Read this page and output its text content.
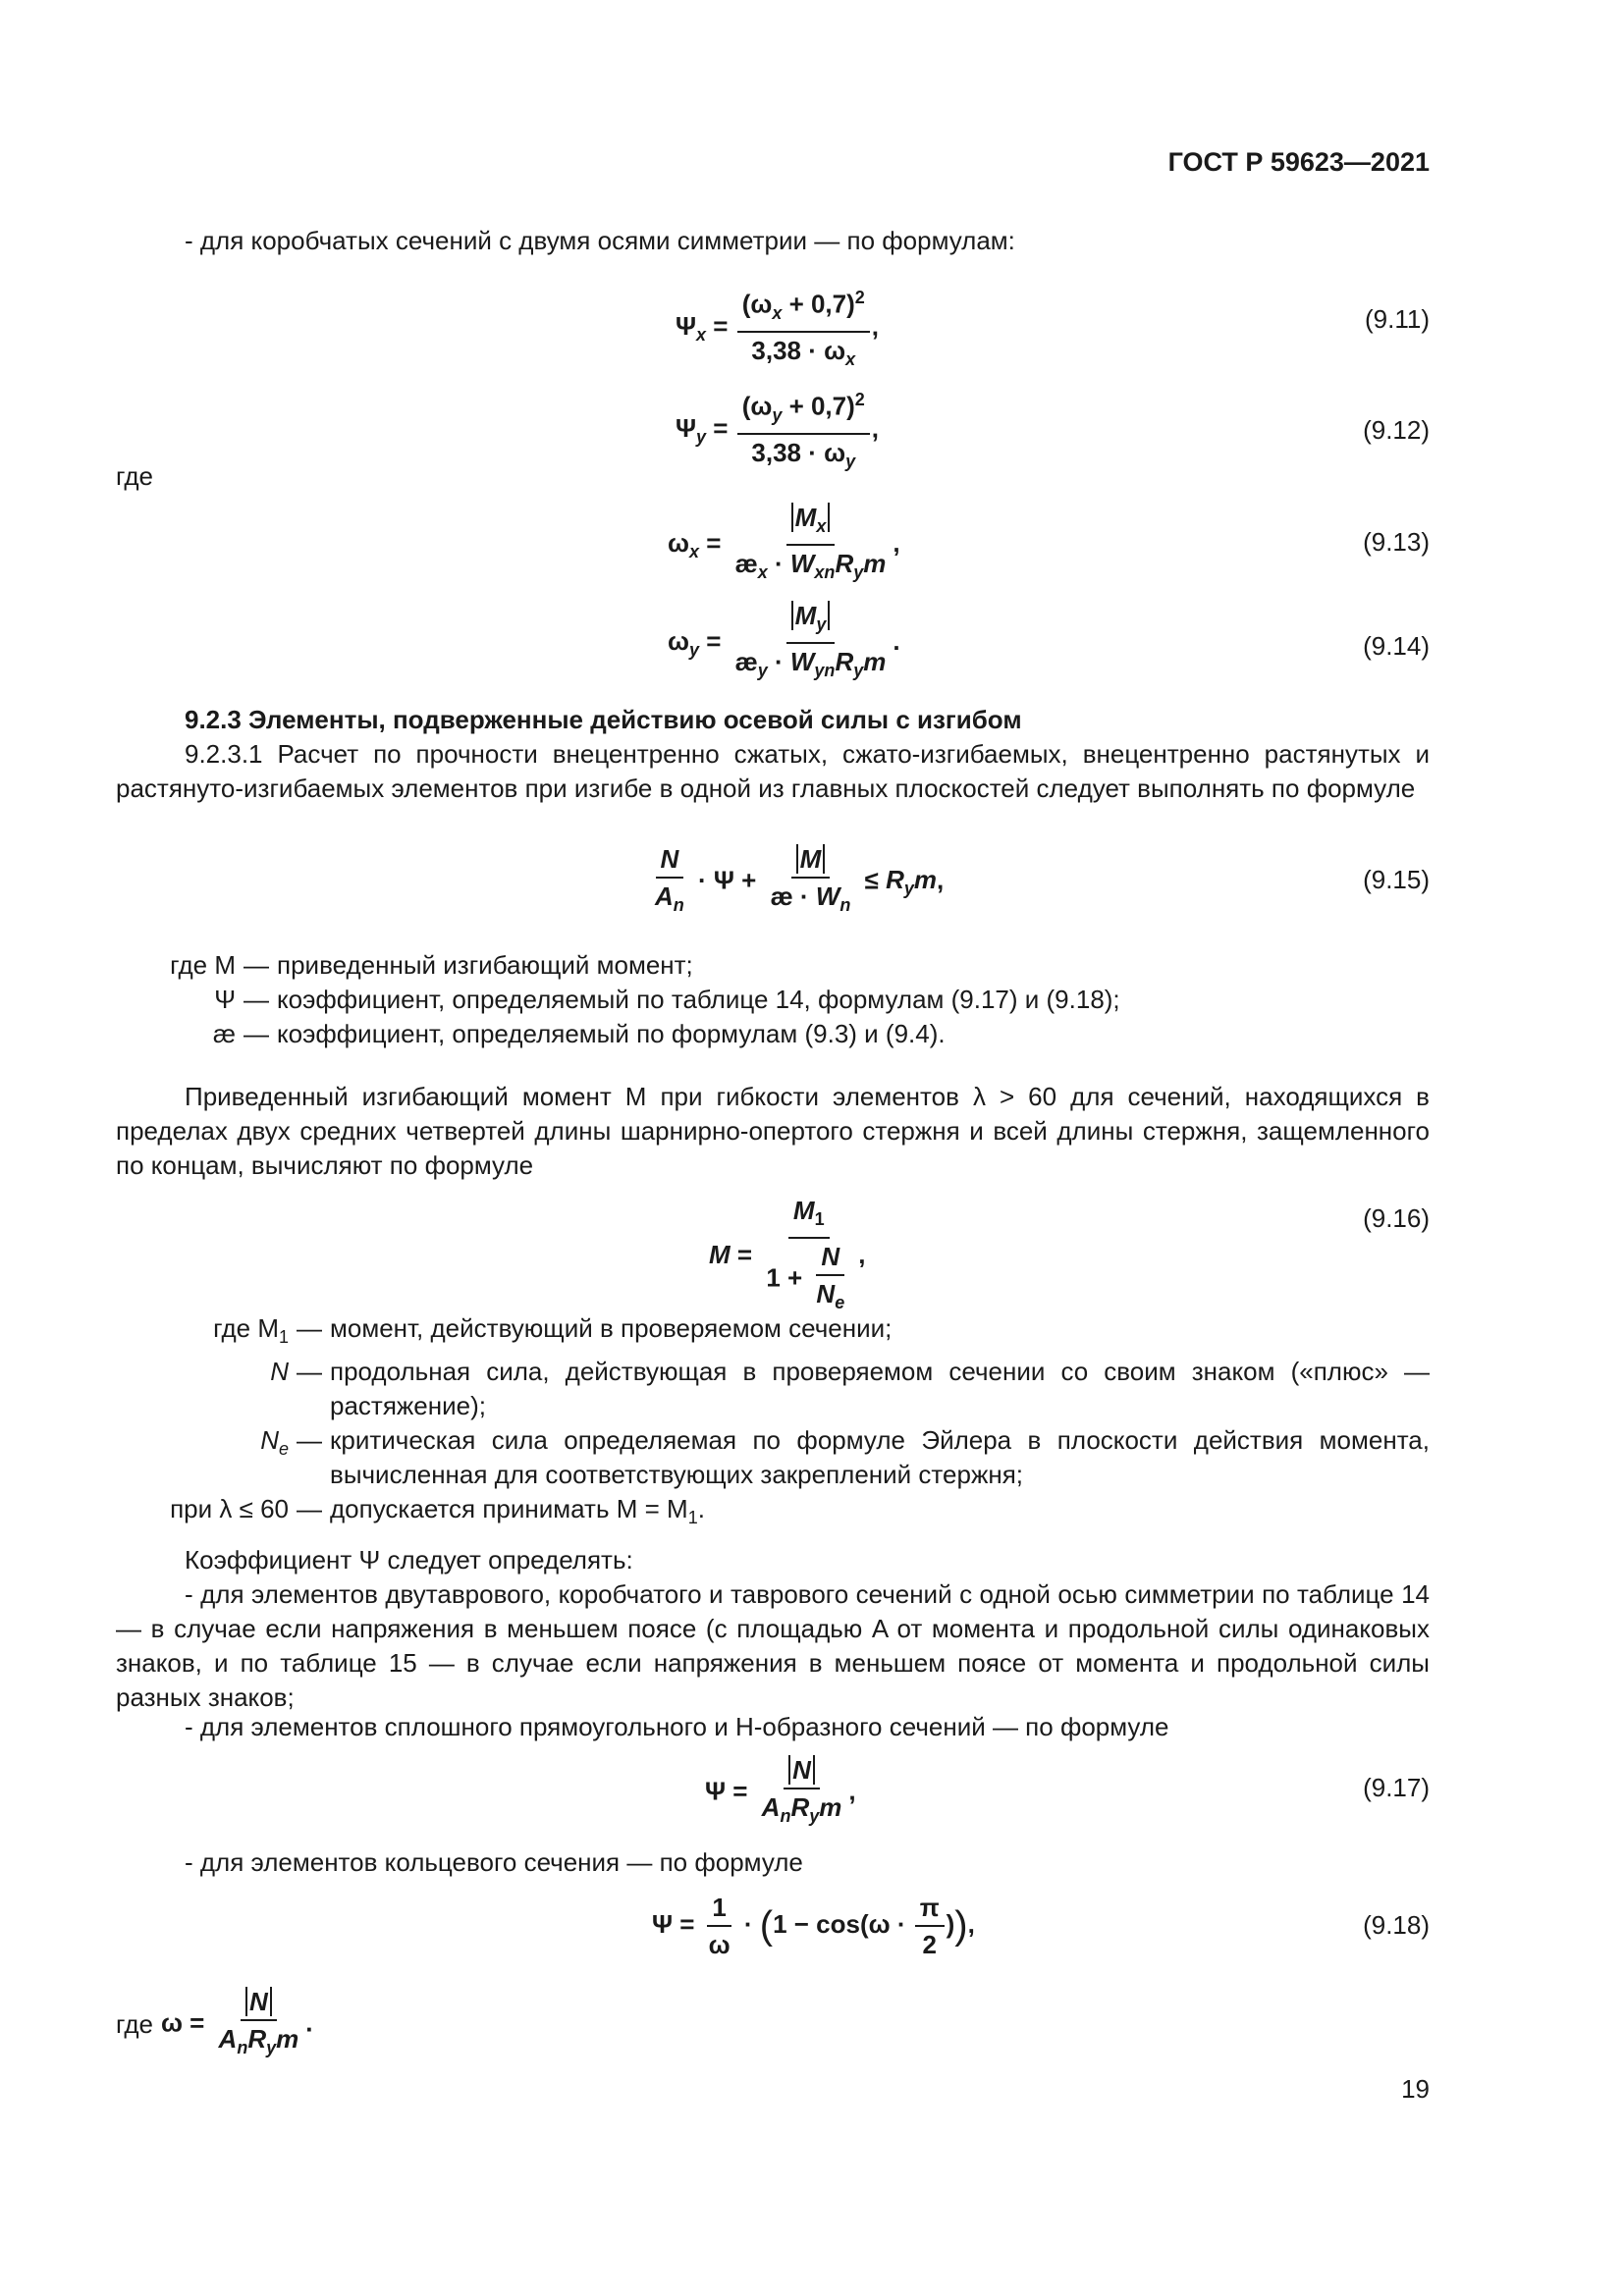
ГОСТ Р 59623—2021
- для коробчатых сечений с двумя осями симметрии — по формулам:
$\Psi_x = \frac{(\omega_x + 0,7)^2}{3,38 \cdot \omega_x}$ ,	(9.11)
$\Psi_y = \frac{(\omega_y + 0,7)^2}{3,38 \cdot \omega_y}$ ,	(9.12)
где
$\omega_x = \frac{M_x}{æ_x \cdot W_{xn}R_ym}$ ,	(9.13)
$\omega_y = \frac{M_y}{æ_y \cdot W_{yn}R_ym}$ .	(9.14)
9.2.3 Элементы, подверженные действию осевой силы с изгибом
9.2.3.1 Расчет по прочности внецентренно сжатых, сжато-изгибаемых, внецентренно растянутых и растянуто-изгибаемых элементов при изгибе в одной из главных плоскостей следует выполнять по формуле
$\frac{N}{A_n} \cdot \Psi + \frac{M}{æ \cdot W_n} \le R_ym$,	(9.15)
где M — приведенный изгибающий момент;
Ψ — коэффициент, определяемый по таблице 14, формулам (9.17) и (9.18);
æ — коэффициент, определяемый по формулам (9.3) и (9.4).
Приведенный изгибающий момент M при гибкости элементов λ > 60 для сечений, находящихся в пределах двух средних четвертей длины шарнирно-опертого стержня и всей длины стержня, защемленного по концам, вычисляют по формуле
$M = \frac{M_1}{1 + \frac{N}{N_e}}$ ,
(9.16)
где $M_1$ — момент, действующий в проверяемом сечении;
N — продольная сила, действующая в проверяемом сечении со своим знаком («плюс» — растяжение);
$N_e$ — критическая сила определяемая по формуле Эйлера в плоскости действия момента, вычисленная для соответствующих закреплений стержня;
при λ ≤ 60 — допускается принимать $M = M_1$.
Коэффициент Ψ следует определять:
- для элементов двутаврового, коробчатого и таврового сечений с одной осью симметрии по таблице 14 — в случае если напряжения в меньшем поясе (с площадью A от момента и продольной силы одинаковых знаков, и по таблице 15 — в случае если напряжения в меньшем поясе от момента и продольной силы разных знаков;
- для элементов сплошного прямоугольного и Н-образного сечений — по формуле
$\Psi = \frac{N}{A_nR_ym}$ ,	(9.17)
- для элементов кольцевого сечения — по формуле
$\Psi = \frac{1}{\omega} \cdot (1 - \cos(\omega \cdot \frac{\pi}{2}$ )),	(9.18)
где $\omega = \frac{N}{A_nR_ym}$ .
19
